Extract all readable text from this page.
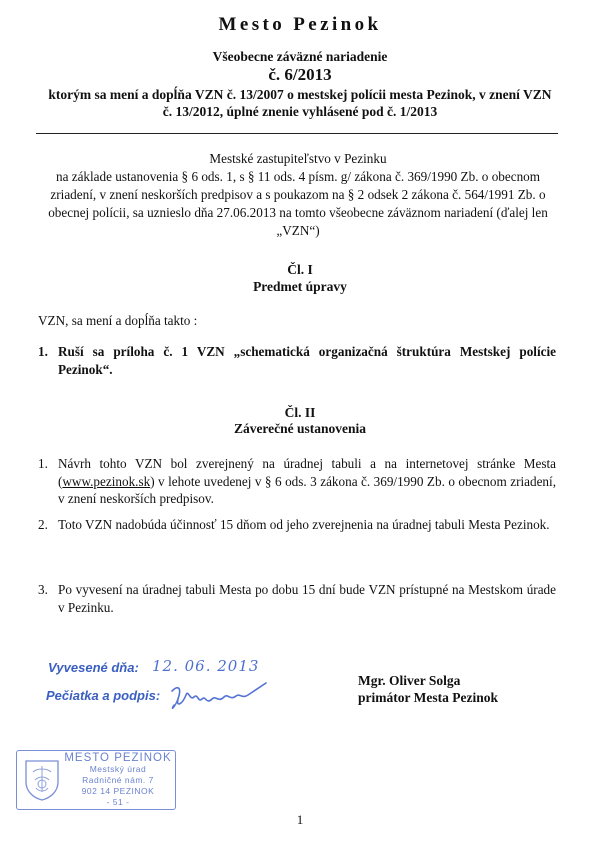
Mesto Pezinok
Všeobecne záväzné nariadenie
č. 6/2013
ktorým sa mení a dopĺňa VZN č. 13/2007 o mestskej polícii mesta Pezinok, v znení VZN
č. 13/2012, úplné znenie vyhlásené pod č. 1/2013
Mestské zastupiteľstvo v Pezinku
na základe ustanovenia § 6 ods. 1, s § 11 ods. 4 písm. g/ zákona č. 369/1990 Zb. o obecnom zriadení, v znení neskorších predpisov a s poukazom na § 2 odsek 2 zákona č. 564/1991 Zb. o obecnej polícii, sa uznieslo dňa 27.06.2013 na tomto všeobecne záväznom nariadení (ďalej len „VZN“)
Čl. I
Predmet úpravy
VZN, sa mení a dopĺňa takto :
1. Ruší sa príloha č. 1 VZN „schematická organizačná štruktúra Mestskej polície Pezinok“.
Čl. II
Záverečné ustanovenia
1. Návrh tohto VZN bol zverejnený na úradnej tabuli a na internetovej stránke Mesta (www.pezinok.sk) v lehote uvedenej v § 6 ods. 3 zákona č. 369/1990 Zb. o obecnom zriadení, v znení neskorších predpisov.
2. Toto VZN nadobúda účinnosť 15 dňom od jeho zverejnenia na úradnej tabuli Mesta Pezinok.
3. Po vyvesení na úradnej tabuli Mesta po dobu 15 dní bude VZN prístupné na Mestskom úrade v Pezinku.
Vyvesené dňa: 12. 06. 2013
Pečiatka a podpis:
Mgr. Oliver Solga
primátor Mesta Pezinok
MESTO PEZINOK
Mestský úrad
Radničné nám. 7
902 14 PEZINOK
- 51 -
1
